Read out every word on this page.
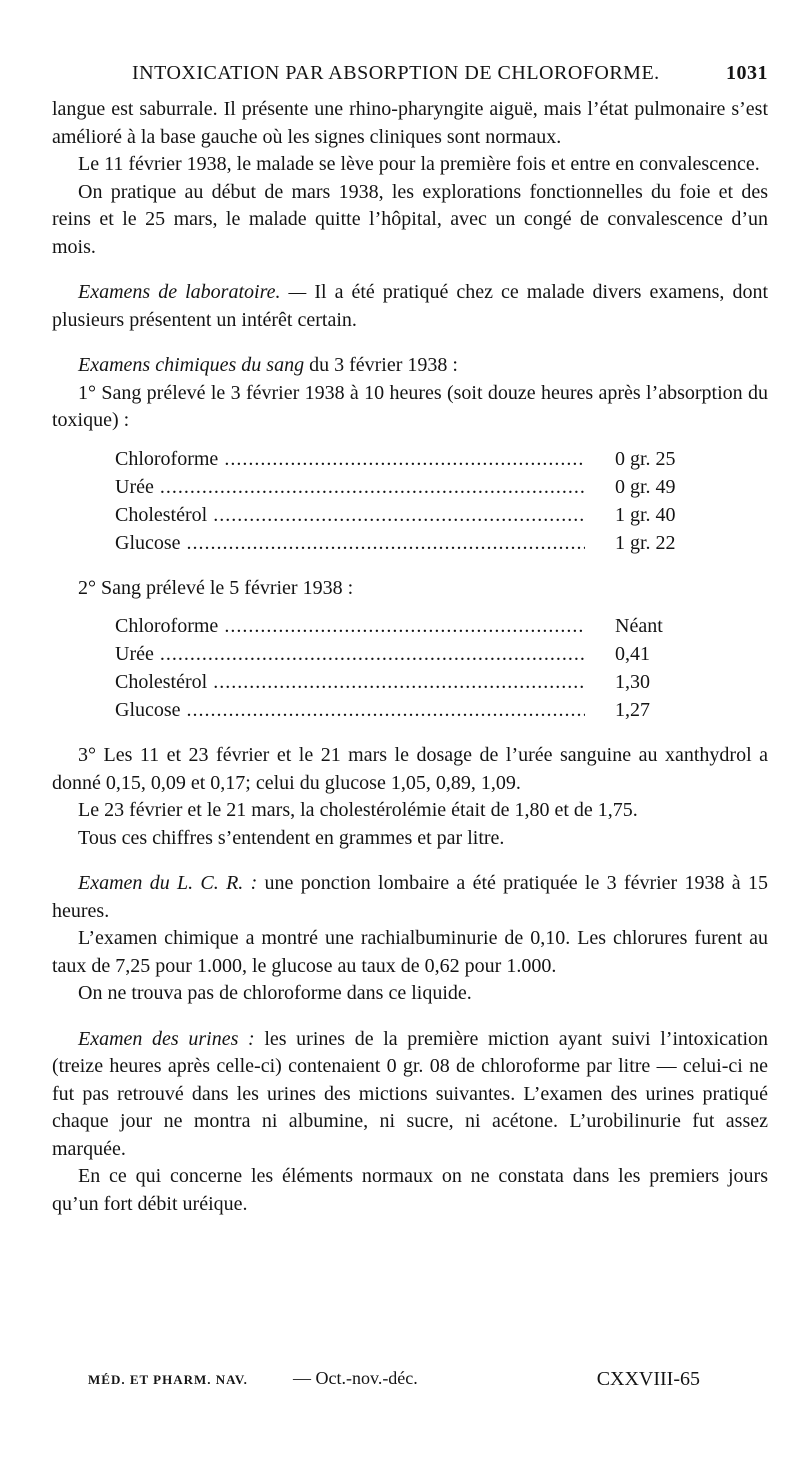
INTOXICATION PAR ABSORPTION DE CHLOROFORME.	1031

langue est saburrale. Il présente une rhino-pharyngite aiguë, mais l’état pulmonaire s’est amélioré à la base gauche où les signes cliniques sont normaux.

Le 11 février 1938, le malade se lève pour la première fois et entre en convalescence.

On pratique au début de mars 1938, les explorations fonctionnelles du foie et des reins et le 25 mars, le malade quitte l’hôpital, avec un congé de convalescence d’un mois.

Examens de laboratoire. — Il a été pratiqué chez ce malade divers examens, dont plusieurs présentent un intérêt certain.

Examens chimiques du sang du 3 février 1938 :

1° Sang prélevé le 3 février 1938 à 10 heures (soit douze heures après l’absorption du toxique) :

Chloroforme .....	0 gr. 25

Urée .....	0 gr. 49

Cholestérol .....	1 gr. 40

Glucose .....	1 gr. 22

2° Sang prélevé le 5 février 1938 :

Chloroforme .....	Néant

Urée .....	0,41

Cholestérol .....	1,30

Glucose .....	1,27

3° Les 11 et 23 février et le 21 mars le dosage de l’urée sanguine au xanthydrol a donné 0,15, 0,09 et 0,17; celui du glucose 1,05, 0,89, 1,09.

Le 23 février et le 21 mars, la cholestérolémie était de 1,80 et de 1,75.

Tous ces chiffres s’entendent en grammes et par litre.

Examen du L. C. R. : une ponction lombaire a été pratiquée le 3 février 1938 à 15 heures.

L’examen chimique a montré une rachialbuminurie de 0,10. Les chlorures furent au taux de 7,25 pour 1.000, le glucose au taux de 0,62 pour 1.000.

On ne trouva pas de chloroforme dans ce liquide.

Examen des urines : les urines de la première miction ayant suivi l’intoxication (treize heures après celle-ci) contenaient 0 gr. 08 de chloroforme par litre — celui-ci ne fut pas retrouvé dans les urines des mictions suivantes. L’examen des urines pratiqué chaque jour ne montra ni albumine, ni sucre, ni acétone. L’urobilinurie fut assez marquée.

En ce qui concerne les éléments normaux on ne constata dans les premiers jours qu’un fort débit uréique.

MÉD. ET PHARM. NAV.	— Oct.-nov.-déc.	CXXVIII-65
